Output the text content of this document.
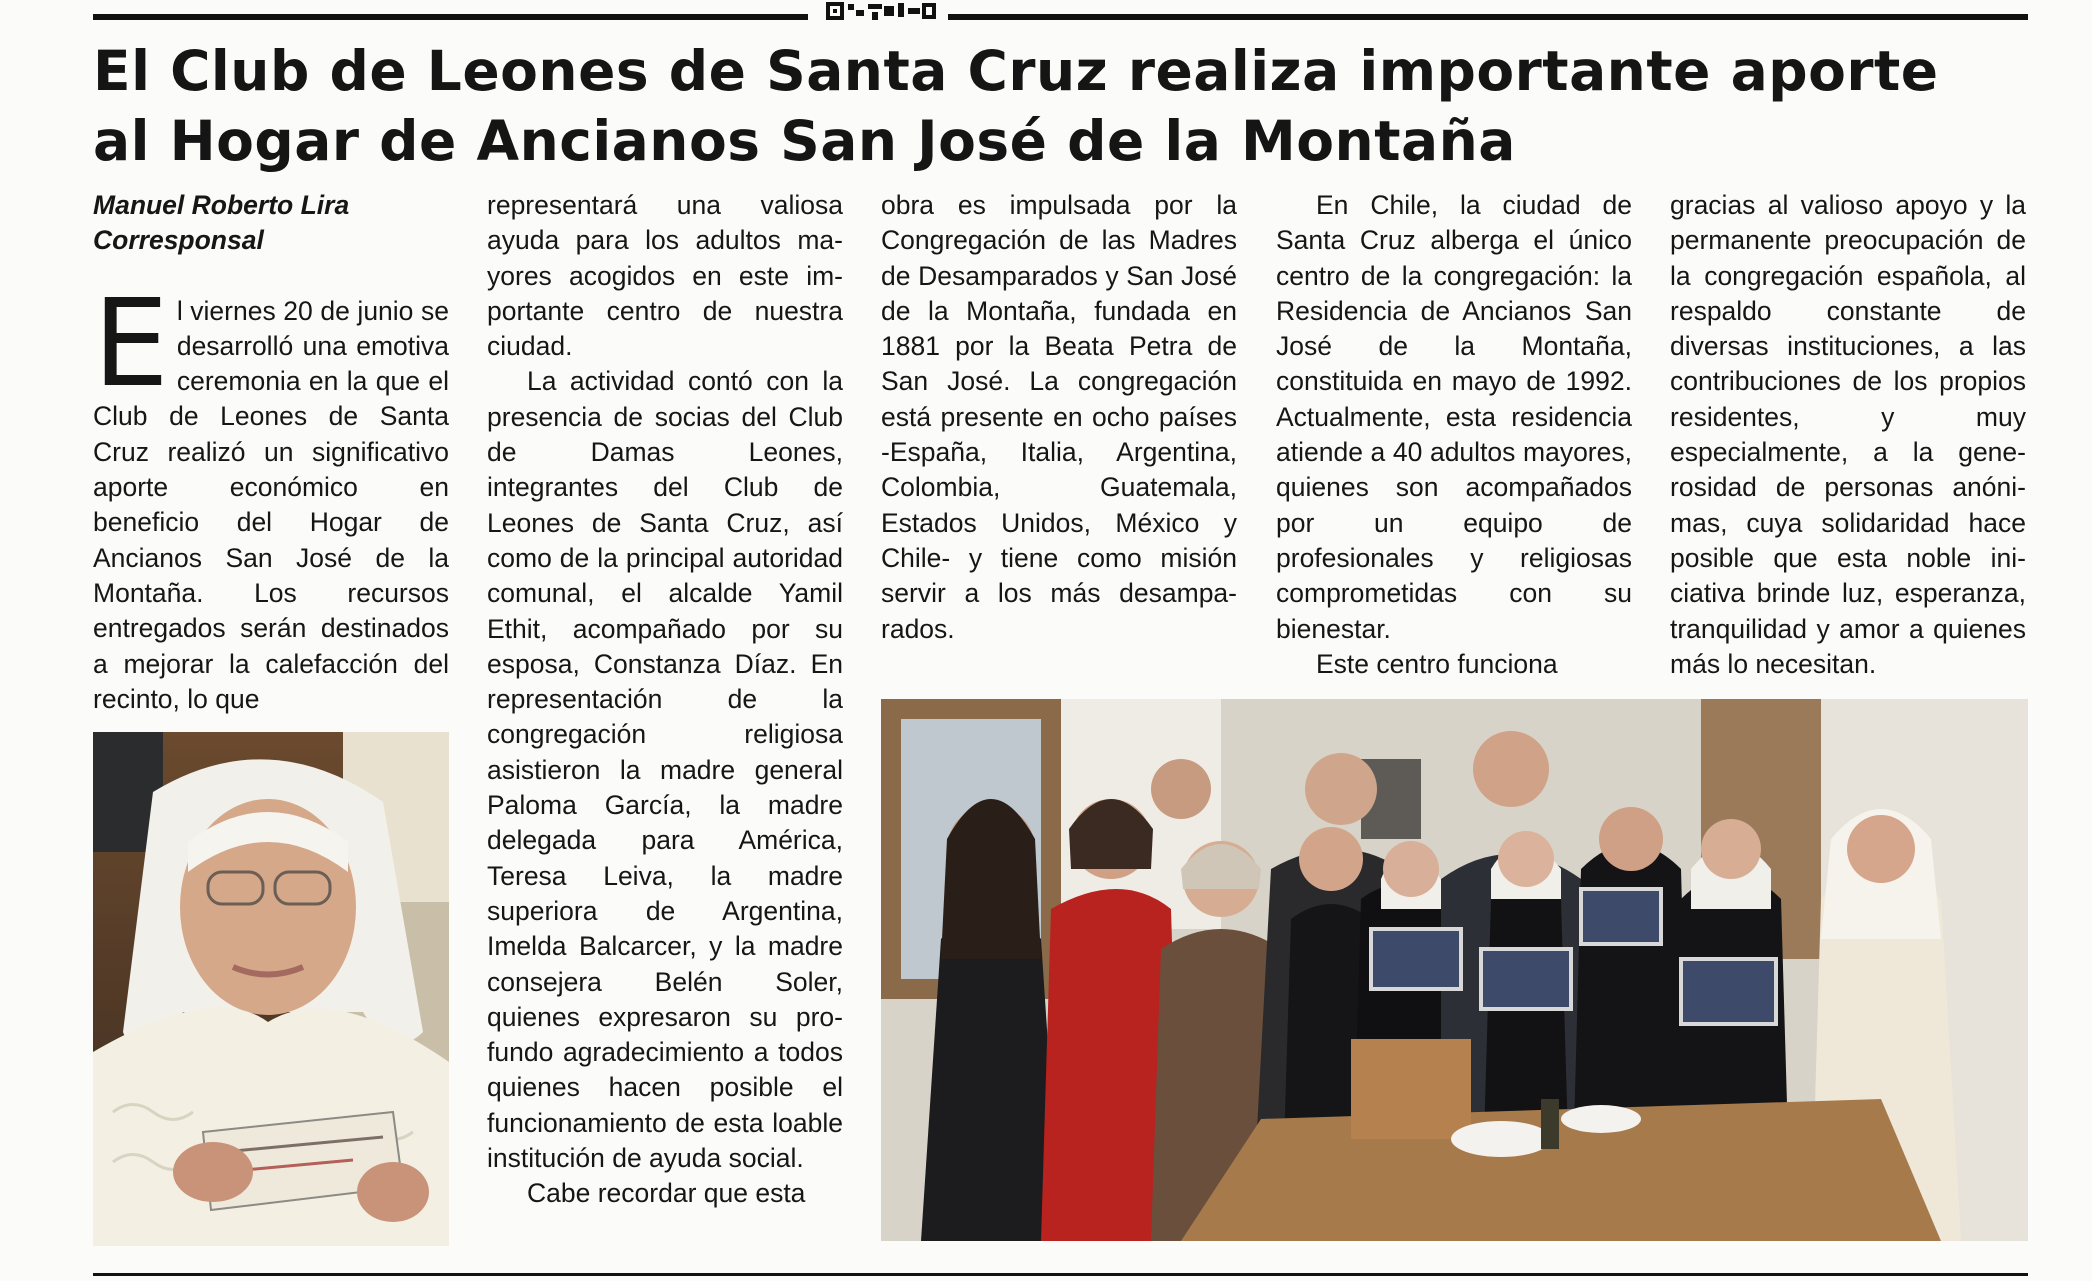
El Club de Leones de Santa Cruz realiza importante aporte
al Hogar de Ancianos San José de la Montaña
Manuel Roberto Lira
Corresponsal

El viernes 20 de junio se desarrolló una emotiva ceremonia en la que el Club de Leones de Santa Cruz realizó un significativo aporte económico en beneficio del Hogar de Ancianos San José de la Montaña. Los recursos entregados serán destinados a mejorar la calefacción del recinto, lo que

representará una valiosa ayuda para los adultos mayores acogidos en este importante centro de nuestra ciudad.

La actividad contó con la presencia de socias del Club de Damas Leones, integrantes del Club de Leones de Santa Cruz, así como de la principal autoridad comunal, el alcalde Yamil Ethit, acompañado por su esposa, Constanza Díaz. En representación de la congregación religiosa asistieron la madre general Paloma García, la madre delegada para América, Teresa Leiva, la madre superiora de Argentina, Imelda Balcarcer, y la madre consejera Belén Soler, quienes expresaron su profundo agradecimiento a todos quienes hacen posible el funcionamiento de esta loable institución de ayuda social.

Cabe recordar que esta

obra es impulsada por la Congregación de las Madres de Desamparados y San José de la Montaña, fundada en 1881 por la Beata Petra de San José. La congregación está presente en ocho países -España, Italia, Argentina, Colombia, Guatemala, Estados Unidos, México y Chile- y tiene como misión servir a los más desamparados.

En Chile, la ciudad de Santa Cruz alberga el único centro de la congregación: la Residencia de Ancianos San José de la Montaña, constituida en mayo de 1992. Actualmente, esta residencia atiende a 40 adultos mayores, quienes son acompañados por un equipo de profesionales y religiosas comprometidas con su bienestar.

Este centro funciona

gracias al valioso apoyo y la permanente preocupación de la congregación española, al respaldo constante de diversas instituciones, a las contribuciones de los propios residentes, y muy especialmente, a la generosidad de personas anónimas, cuya solidaridad hace posible que esta noble iniciativa brinde luz, esperanza, tranquilidad y amor a quienes más lo necesitan.
